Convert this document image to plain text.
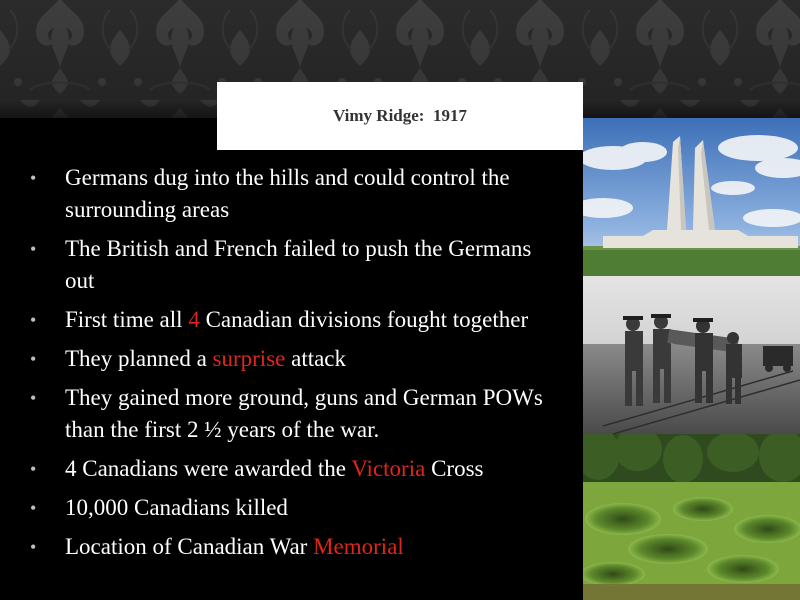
Vimy Ridge:  1917
• Germans dug into the hills and could control the surrounding areas
• The British and French failed to push the Germans out
• First time all 4 Canadian divisions fought together
• They planned a surprise attack
• They gained more ground, guns and German POWs than the first 2 ½ years of the war.
• 4 Canadians were awarded the Victoria Cross
• 10,000 Canadians killed
• Location of Canadian War Memorial
